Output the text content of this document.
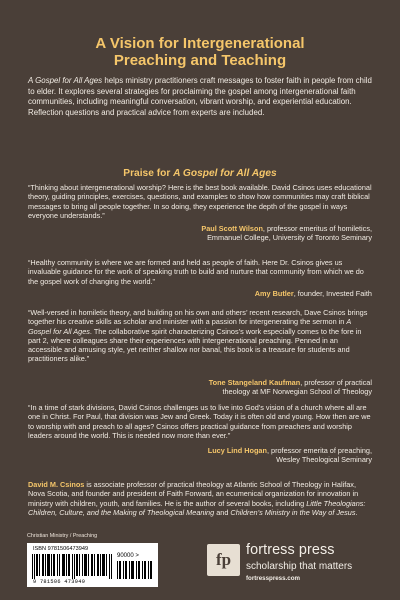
A Vision for Intergenerational
Preaching and Teaching
A Gospel for All Ages helps ministry practitioners craft messages to foster faith in people from child to elder. It explores several strategies for proclaiming the gospel among intergenerational faith communities, including meaningful conversation, vibrant worship, and experiential education. Reflection questions and practical advice from experts are included.
Praise for A Gospel for All Ages
“Thinking about intergenerational worship? Here is the best book available. David Csinos uses educational theory, guiding principles, exercises, questions, and examples to show how communities may craft biblical messages to bring all people together. In so doing, they experience the depth of the gospel in ways everyone understands.”
Paul Scott Wilson, professor emeritus of homiletics,
Emmanuel College, University of Toronto Seminary
“Healthy community is where we are formed and held as people of faith. Here Dr. Csinos gives us invaluable guidance for the work of speaking truth to build and nurture that community from which we do the gospel work of changing the world.”
Amy Butler, founder, Invested Faith
“Well-versed in homiletic theory, and building on his own and others’ recent research, Dave Csinos brings together his creative skills as scholar and minister with a passion for intergenerating the sermon in A Gospel for All Ages. The collaborative spirit characterizing Csinos’s work especially comes to the fore in part 2, where colleagues share their experiences with intergenerational preaching. Penned in an accessible and amusing style, yet neither shallow nor banal, this book is a treasure for students and practitioners alike.”
Tone Stangeland Kaufman, professor of practical
theology at MF Norwegian School of Theology
“In a time of stark divisions, David Csinos challenges us to live into God’s vision of a church where all are one in Christ. For Paul, that division was Jew and Greek. Today it is often old and young. How then are we to worship with and preach to all ages? Csinos offers practical guidance from preachers and worship leaders around the world. This is needed now more than ever.”
Lucy Lind Hogan, professor emerita of preaching,
Wesley Theological Seminary
David M. Csinos is associate professor of practical theology at Atlantic School of Theology in Halifax, Nova Scotia, and founder and president of Faith Forward, an ecumenical organization for innovation in ministry with children, youth, and families. He is the author of several books, including Little Theologians: Children, Culture, and the Making of Theological Meaning and Children’s Ministry in the Way of Jesus.
Christian Ministry / Preaching
ISBN 9781506473949
90000 >
9 781506 473949
fp	fortress press
scholarship that matters
fortresspress.com
